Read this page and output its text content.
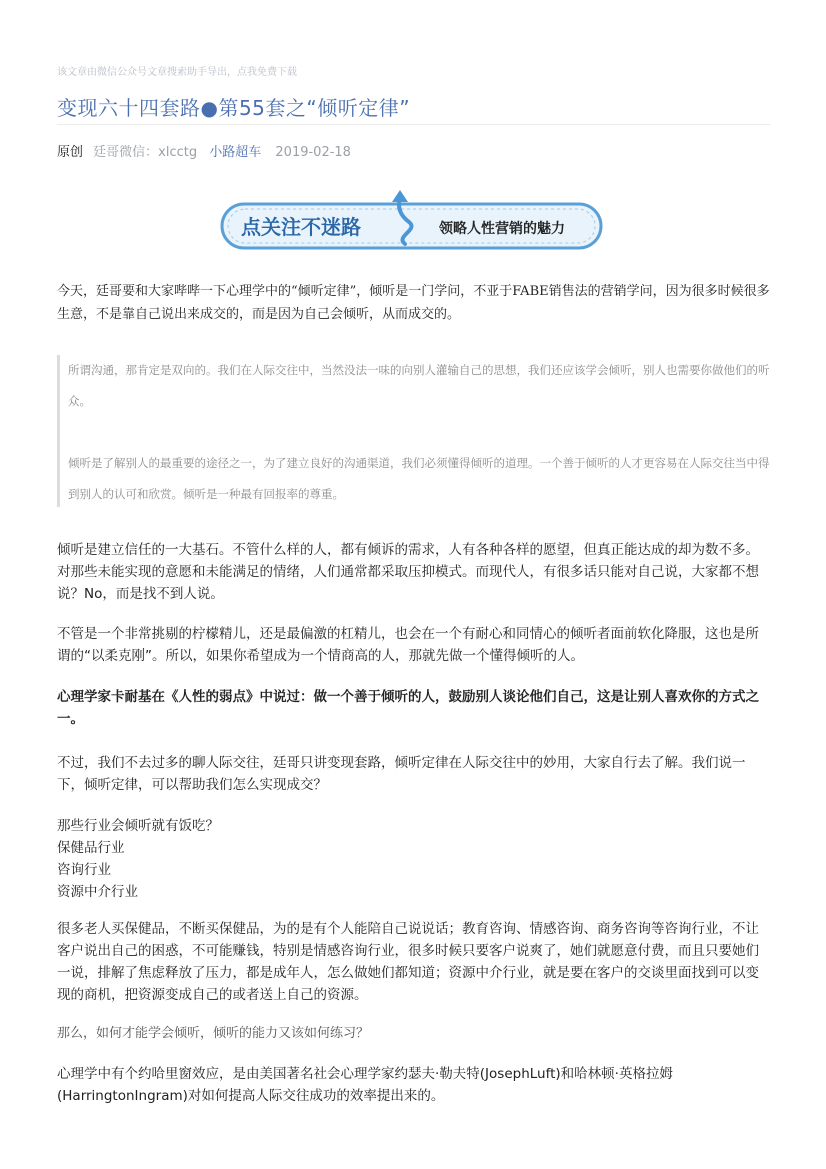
该文章由微信公众号文章搜索助手导出，点我免费下载
变现六十四套路●第55套之“倾听定律”
原创 廷哥微信：xlcctg 小路超车 2019-02-18
点关注不迷路	领略人性营销的魅力

今天，廷哥要和大家哔哔一下心理学中的“倾听定律”，倾听是一门学问，不亚于FABE销售法的营销学问，因为很多时候很多生意，不是靠自己说出来成交的，而是因为自己会倾听，从而成交的。

所谓沟通，那肯定是双向的。我们在人际交往中，当然没法一味的向别人灌输自己的思想，我们还应该学会倾听，别人也需要你做他们的听众。

倾听是了解别人的最重要的途径之一，为了建立良好的沟通渠道，我们必须懂得倾听的道理。一个善于倾听的人才更容易在人际交往当中得到别人的认可和欣赏。倾听是一种最有回报率的尊重。

倾听是建立信任的一大基石。不管什么样的人，都有倾诉的需求，人有各种各样的愿望，但真正能达成的却为数不多。对那些未能实现的意愿和未能满足的情绪，人们通常都采取压抑模式。而现代人，有很多话只能对自己说，大家都不想说？No，而是找不到人说。

不管是一个非常挑剔的柠檬精儿，还是最偏激的杠精儿，也会在一个有耐心和同情心的倾听者面前软化降服，这也是所谓的“以柔克刚”。所以，如果你希望成为一个情商高的人，那就先做一个懂得倾听的人。

心理学家卡耐基在《人性的弱点》中说过：做一个善于倾听的人，鼓励别人谈论他们自己，这是让别人喜欢你的方式之一。

不过，我们不去过多的聊人际交往，廷哥只讲变现套路，倾听定律在人际交往中的妙用，大家自行去了解。我们说一下，倾听定律，可以帮助我们怎么实现成交？

那些行业会倾听就有饭吃？
保健品行业
咨询行业
资源中介行业

很多老人买保健品，不断买保健品，为的是有个人能陪自己说说话；教育咨询、情感咨询、商务咨询等咨询行业，不让客户说出自己的困惑，不可能赚钱，特别是情感咨询行业，很多时候只要客户说爽了，她们就愿意付费，而且只要她们一说，排解了焦虑释放了压力，都是成年人，怎么做她们都知道；资源中介行业，就是要在客户的交谈里面找到可以变现的商机，把资源变成自己的或者送上自己的资源。

那么，如何才能学会倾听，倾听的能力又该如何练习？

心理学中有个约哈里窗效应，是由美国著名社会心理学家约瑟夫·勒夫特(JosephLuft)和哈林顿·英格拉姆(HarringtonIngram)对如何提高人际交往成功的效率提出来的。
